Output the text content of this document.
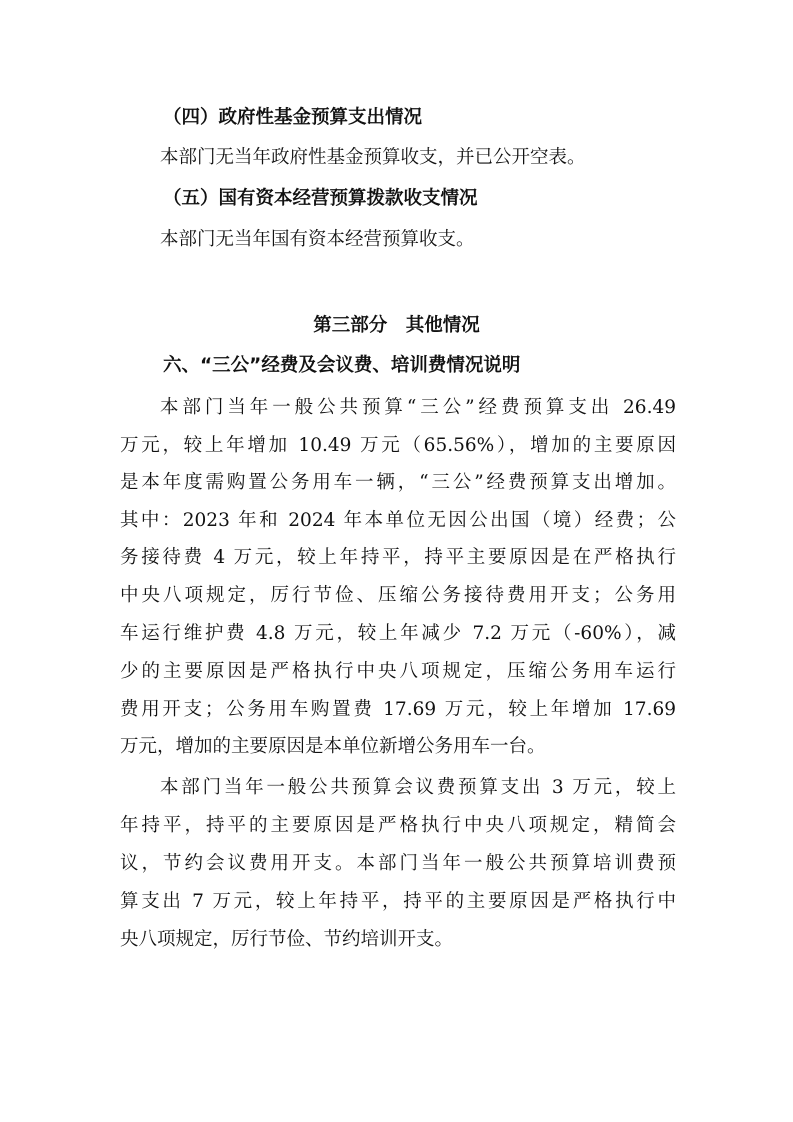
（四）政府性基金预算支出情况
本部门无当年政府性基金预算收支，并已公开空表。
（五）国有资本经营预算拨款收支情况
本部门无当年国有资本经营预算收支。
第三部分　其他情况
六、“三公”经费及会议费、培训费情况说明
本部门当年一般公共预算“三公”经费预算支出 26.49
万元，较上年增加 10.49 万元（65.56%），增加的主要原因
是本年度需购置公务用车一辆，“三公”经费预算支出增加。
其中：2023 年和 2024 年本单位无因公出国（境）经费；公
务接待费 4 万元，较上年持平，持平主要原因是在严格执行
中央八项规定，厉行节俭、压缩公务接待费用开支；公务用
车运行维护费 4.8 万元，较上年减少 7.2 万元（-60%），减
少的主要原因是严格执行中央八项规定，压缩公务用车运行
费用开支；公务用车购置费 17.69 万元，较上年增加 17.69
万元，增加的主要原因是本单位新增公务用车一台。
本部门当年一般公共预算会议费预算支出 3 万元，较上
年持平，持平的主要原因是严格执行中央八项规定，精简会
议，节约会议费用开支。本部门当年一般公共预算培训费预
算支出 7 万元，较上年持平，持平的主要原因是严格执行中
央八项规定，厉行节俭、节约培训开支。
